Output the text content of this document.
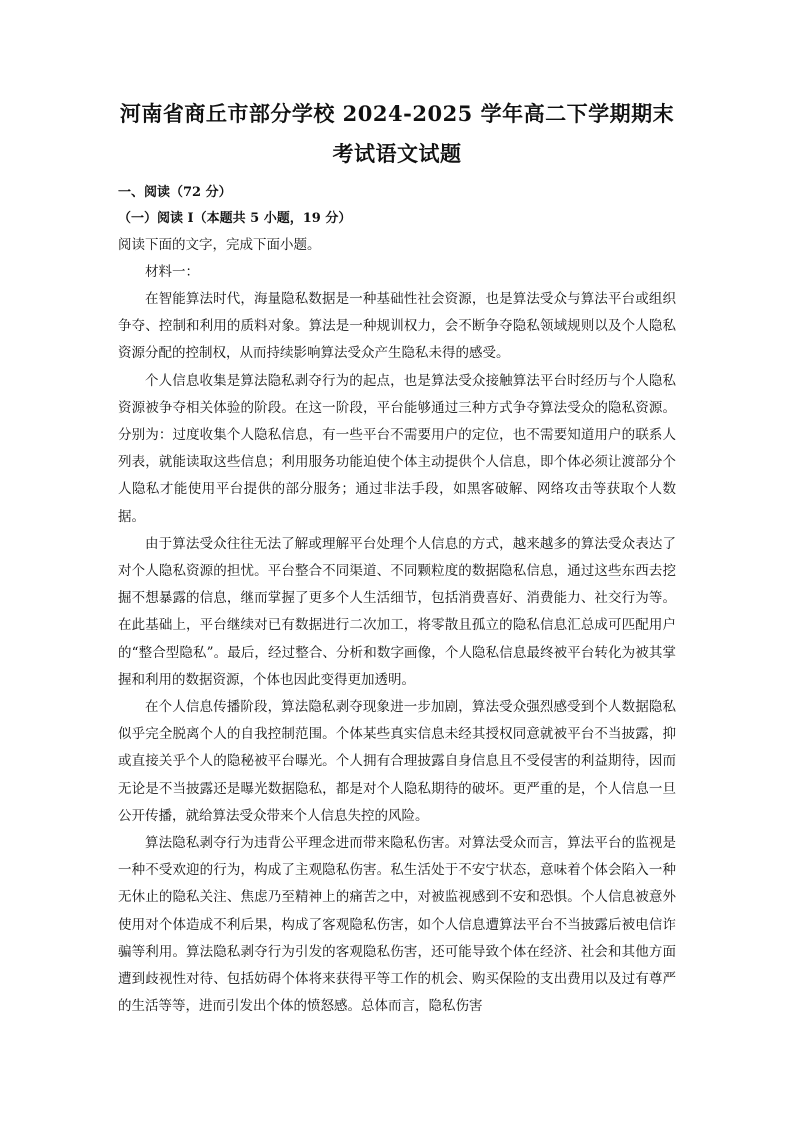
河南省商丘市部分学校 2024-2025 学年高二下学期期末
考试语文试题
一、阅读（72 分）
（一）阅读 Ⅰ（本题共 5 小题，19 分）
阅读下面的文字，完成下面小题。
材料一：

在智能算法时代，海量隐私数据是一种基础性社会资源，也是算法受众与算法平台或组织争夺、控制和利用的质料对象。算法是一种规训权力，会不断争夺隐私领域规则以及个人隐私资源分配的控制权，从而持续影响算法受众产生隐私未得的感受。

个人信息收集是算法隐私剥夺行为的起点，也是算法受众接触算法平台时经历与个人隐私资源被争夺相关体验的阶段。在这一阶段，平台能够通过三种方式争夺算法受众的隐私资源。分别为：过度收集个人隐私信息，有一些平台不需要用户的定位，也不需要知道用户的联系人列表，就能读取这些信息；利用服务功能迫使个体主动提供个人信息，即个体必须让渡部分个人隐私才能使用平台提供的部分服务；通过非法手段，如黑客破解、网络攻击等获取个人数据。

由于算法受众往往无法了解或理解平台处理个人信息的方式，越来越多的算法受众表达了对个人隐私资源的担忧。平台整合不同渠道、不同颗粒度的数据隐私信息，通过这些东西去挖掘不想暴露的信息，继而掌握了更多个人生活细节，包括消费喜好、消费能力、社交行为等。在此基础上，平台继续对已有数据进行二次加工，将零散且孤立的隐私信息汇总成可匹配用户的“整合型隐私”。最后，经过整合、分析和数字画像，个人隐私信息最终被平台转化为被其掌握和利用的数据资源，个体也因此变得更加透明。

在个人信息传播阶段，算法隐私剥夺现象进一步加剧，算法受众强烈感受到个人数据隐私似乎完全脱离个人的自我控制范围。个体某些真实信息未经其授权同意就被平台不当披露，抑或直接关乎个人的隐秘被平台曝光。个人拥有合理披露自身信息且不受侵害的利益期待，因而无论是不当披露还是曝光数据隐私，都是对个人隐私期待的破坏。更严重的是，个人信息一旦公开传播，就给算法受众带来个人信息失控的风险。

算法隐私剥夺行为违背公平理念进而带来隐私伤害。对算法受众而言，算法平台的监视是一种不受欢迎的行为，构成了主观隐私伤害。私生活处于不安宁状态，意味着个体会陷入一种无休止的隐私关注、焦虑乃至精神上的痛苦之中，对被监视感到不安和恐惧。个人信息被意外使用对个体造成不利后果，构成了客观隐私伤害，如个人信息遭算法平台不当披露后被电信诈骗等利用。算法隐私剥夺行为引发的客观隐私伤害，还可能导致个体在经济、社会和其他方面遭到歧视性对待、包括妨碍个体将来获得平等工作的机会、购买保险的支出费用以及过有尊严的生活等等，进而引发出个体的愤怒感。总体而言，隐私伤害
